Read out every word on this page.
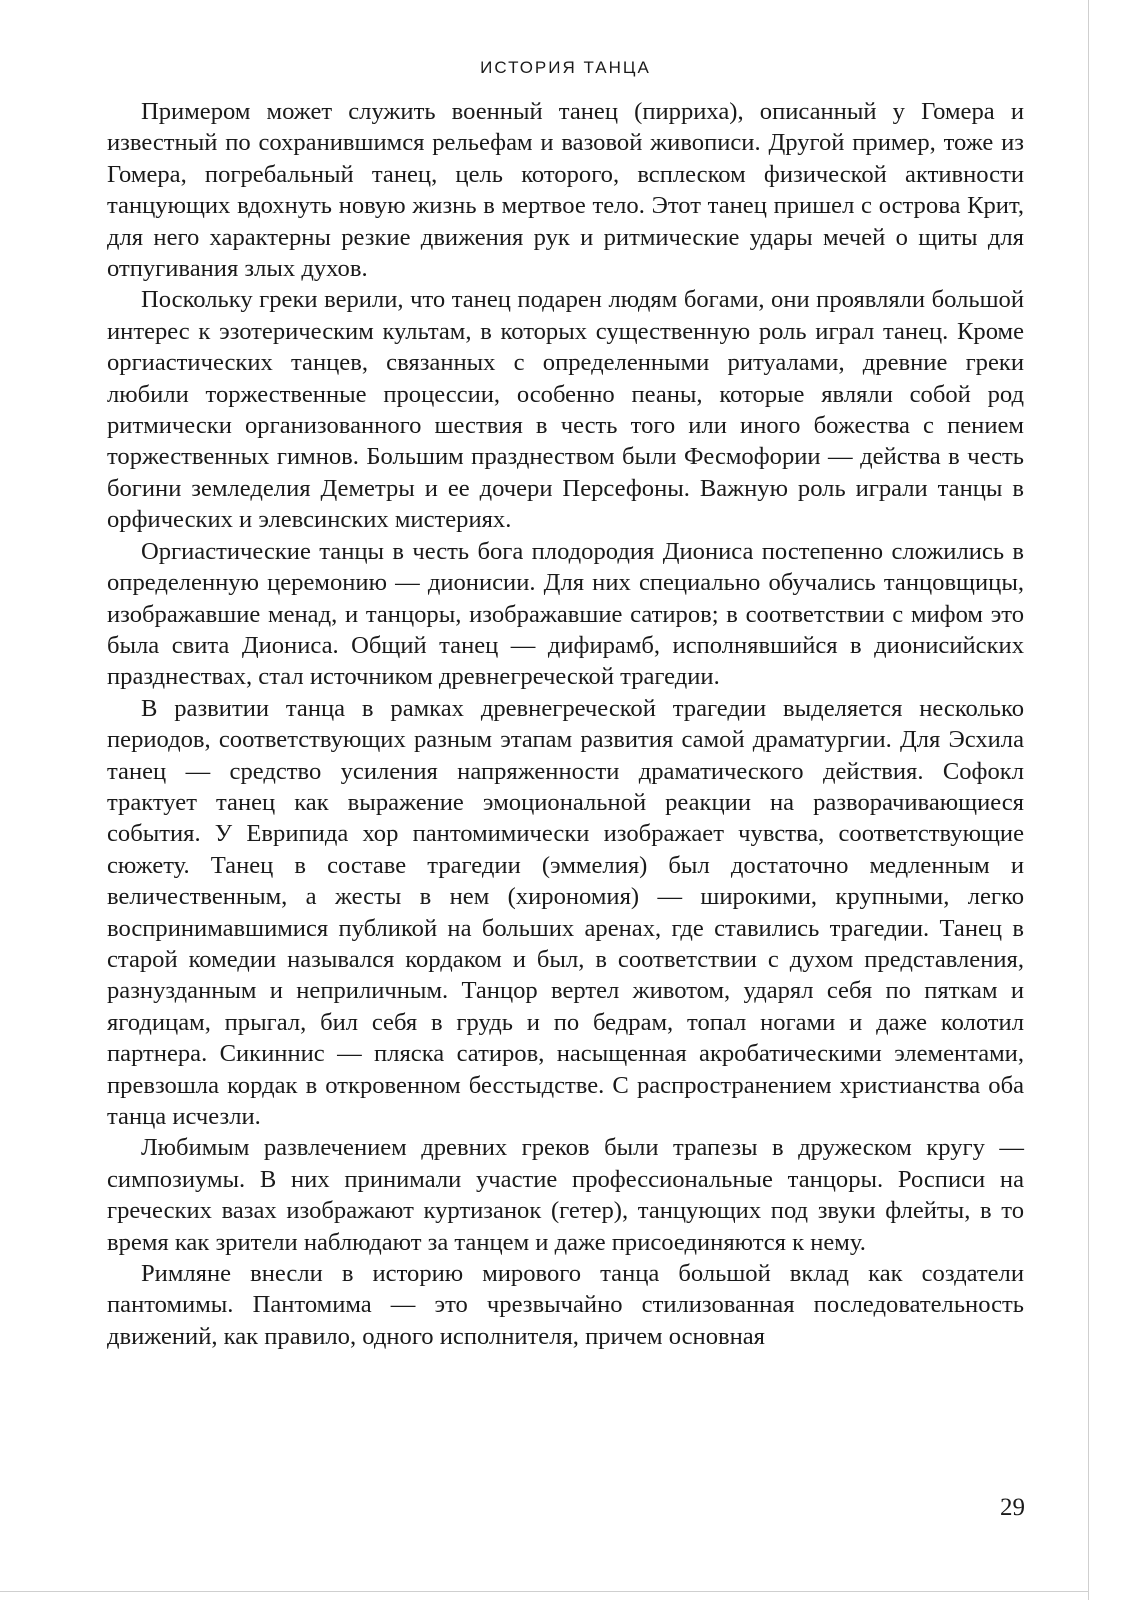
ИСТОРИЯ ТАНЦА

Примером может служить военный танец (пирриха), описанный у Гомера и известный по сохранившимся рельефам и вазовой живописи. Другой пример, тоже из Гомера, погребальный танец, цель которого, всплеском физической активности танцующих вдохнуть новую жизнь в мертвое тело. Этот танец пришел с острова Крит, для него характерны резкие движения рук и ритмические удары мечей о щиты для отпугивания злых духов.

Поскольку греки верили, что танец подарен людям богами, они проявляли большой интерес к эзотерическим культам, в которых существенную роль играл танец. Кроме оргиастических танцев, связанных с определенными ритуалами, древние греки любили торжественные процессии, особенно пеаны, которые являли собой род ритмически организованного шествия в честь того или иного божества с пением торжественных гимнов. Большим празднеством были Фесмофории — действа в честь богини земледелия Деметры и ее дочери Персефоны. Важную роль играли танцы в орфических и элевсинских мистериях.

Оргиастические танцы в честь бога плодородия Диониса постепенно сложились в определенную церемонию — дионисии. Для них специально обучались танцовщицы, изображавшие менад, и танцоры, изображавшие сатиров; в соответствии с мифом это была свита Диониса. Общий танец — дифирамб, исполнявшийся в дионисийских празднествах, стал источником древнегреческой трагедии.

В развитии танца в рамках древнегреческой трагедии выделяется несколько периодов, соответствующих разным этапам развития самой драматургии. Для Эсхила танец — средство усиления напряженности драматического действия. Софокл трактует танец как выражение эмоциональной реакции на разворачивающиеся события. У Еврипида хор пантомимически изображает чувства, соответствующие сюжету. Танец в составе трагедии (эммелия) был достаточно медленным и величественным, а жесты в нем (хирономия) — широкими, крупными, легко воспринимавшимися публикой на больших аренах, где ставились трагедии. Танец в старой комедии назывался кордаком и был, в соответствии с духом представления, разнузданным и неприличным. Танцор вертел животом, ударял себя по пяткам и ягодицам, прыгал, бил себя в грудь и по бедрам, топал ногами и даже колотил партнера. Сикиннис — пляска сатиров, насыщенная акробатическими элементами, превзошла кордак в откровенном бесстыдстве. С распространением христианства оба танца исчезли.

Любимым развлечением древних греков были трапезы в дружеском кругу — симпозиумы. В них принимали участие профессиональные танцоры. Росписи на греческих вазах изображают куртизанок (гетер), танцующих под звуки флейты, в то время как зрители наблюдают за танцем и даже присоединяются к нему.

Римляне внесли в историю мирового танца большой вклад как создатели пантомимы. Пантомима — это чрезвычайно стилизованная последовательность движений, как правило, одного исполнителя, причем основная

29
